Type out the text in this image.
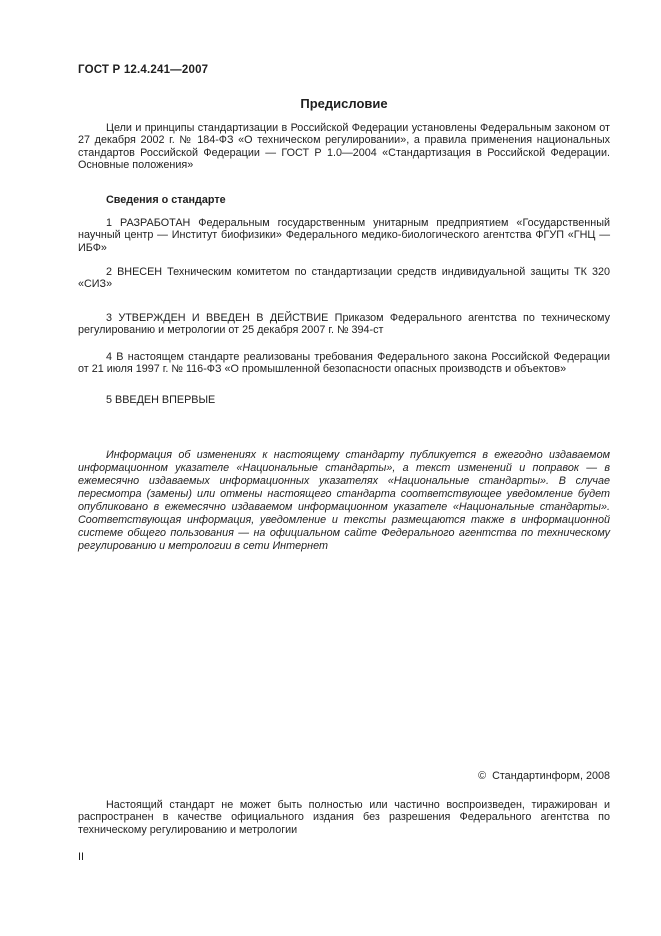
ГОСТ Р 12.4.241—2007
Предисловие

Цели и принципы стандартизации в Российской Федерации установлены Федеральным законом от 27 декабря 2002 г. № 184-ФЗ «О техническом регулировании», а правила применения национальных стандартов Российской Федерации — ГОСТ Р 1.0—2004 «Стандартизация в Российской Федерации. Основные положения»

Сведения о стандарте

1 РАЗРАБОТАН Федеральным государственным унитарным предприятием «Государственный научный центр — Институт биофизики» Федерального медико-биологического агентства ФГУП «ГНЦ — ИБФ»

2 ВНЕСЕН Техническим комитетом по стандартизации средств индивидуальной защиты ТК 320 «СИЗ»

3 УТВЕРЖДЕН И ВВЕДЕН В ДЕЙСТВИЕ Приказом Федерального агентства по техническому регулированию и метрологии от 25 декабря 2007 г. № 394-ст

4 В настоящем стандарте реализованы требования Федерального закона Российской Федерации от 21 июля 1997 г. № 116-ФЗ «О промышленной безопасности опасных производств и объектов»

5 ВВЕДЕН ВПЕРВЫЕ

Информация об изменениях к настоящему стандарту публикуется в ежегодно издаваемом информационном указателе «Национальные стандарты», а текст изменений и поправок — в ежемесячно издаваемых информационных указателях «Национальные стандарты». В случае пересмотра (замены) или отмены настоящего стандарта соответствующее уведомление будет опубликовано в ежемесячно издаваемом информационном указателе «Национальные стандарты». Соответствующая информация, уведомление и тексты размещаются также в информационной системе общего пользования — на официальном сайте Федерального агентства по техническому регулированию и метрологии в сети Интернет

©  Стандартинформ, 2008

Настоящий стандарт не может быть полностью или частично воспроизведен, тиражирован и распространен в качестве официального издания без разрешения Федерального агентства по техническому регулированию и метрологии

II
